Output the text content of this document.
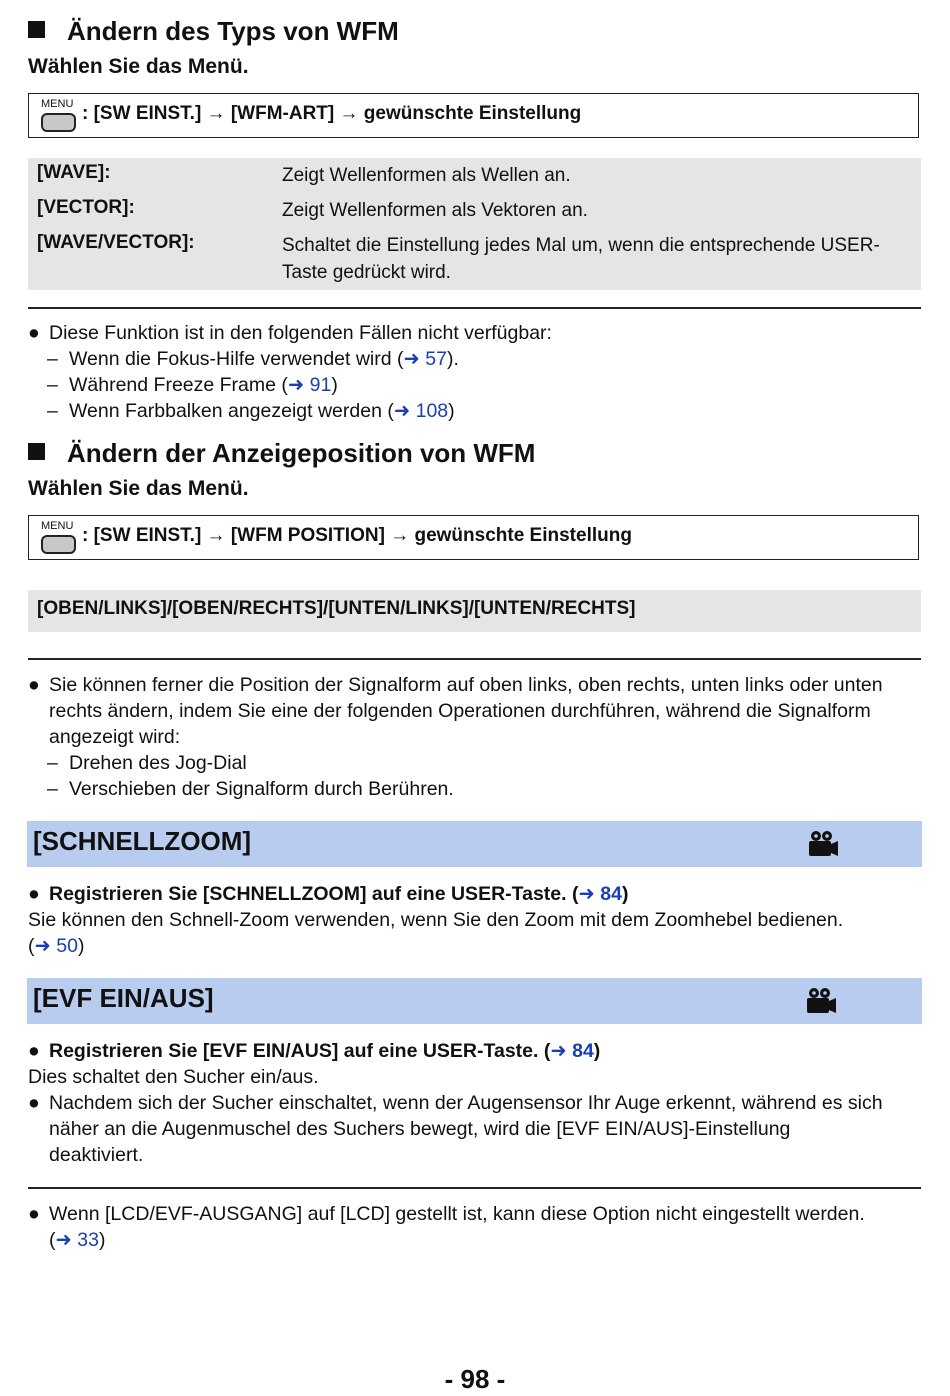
Ändern des Typs von WFM
Wählen Sie das Menü.
MENU : [SW EINST.] → [WFM-ART] → gewünschte Einstellung
[WAVE]:	Zeigt Wellenformen als Wellen an.
[VECTOR]:	Zeigt Wellenformen als Vektoren an.
[WAVE/VECTOR]:	Schaltet die Einstellung jedes Mal um, wenn die entsprechende USER-Taste gedrückt wird.
● Diese Funktion ist in den folgenden Fällen nicht verfügbar:
– Wenn die Fokus-Hilfe verwendet wird (➜ 57).
– Während Freeze Frame (➜ 91)
– Wenn Farbbalken angezeigt werden (➜ 108)
Ändern der Anzeigeposition von WFM
Wählen Sie das Menü.
MENU : [SW EINST.] → [WFM POSITION] → gewünschte Einstellung
[OBEN/LINKS]/[OBEN/RECHTS]/[UNTEN/LINKS]/[UNTEN/RECHTS]
● Sie können ferner die Position der Signalform auf oben links, oben rechts, unten links oder unten
rechts ändern, indem Sie eine der folgenden Operationen durchführen, während die Signalform
angezeigt wird:
– Drehen des Jog-Dial
– Verschieben der Signalform durch Berühren.
[SCHNELLZOOM]
● Registrieren Sie [SCHNELLZOOM] auf eine USER-Taste. (➜ 84)
Sie können den Schnell-Zoom verwenden, wenn Sie den Zoom mit dem Zoomhebel bedienen.
(➜ 50)
[EVF EIN/AUS]
● Registrieren Sie [EVF EIN/AUS] auf eine USER-Taste. (➜ 84)
Dies schaltet den Sucher ein/aus.
● Nachdem sich der Sucher einschaltet, wenn der Augensensor Ihr Auge erkennt, während es sich
näher an die Augenmuschel des Suchers bewegt, wird die [EVF EIN/AUS]-Einstellung
deaktiviert.
● Wenn [LCD/EVF-AUSGANG] auf [LCD] gestellt ist, kann diese Option nicht eingestellt werden.
(➜ 33)
- 98 -
